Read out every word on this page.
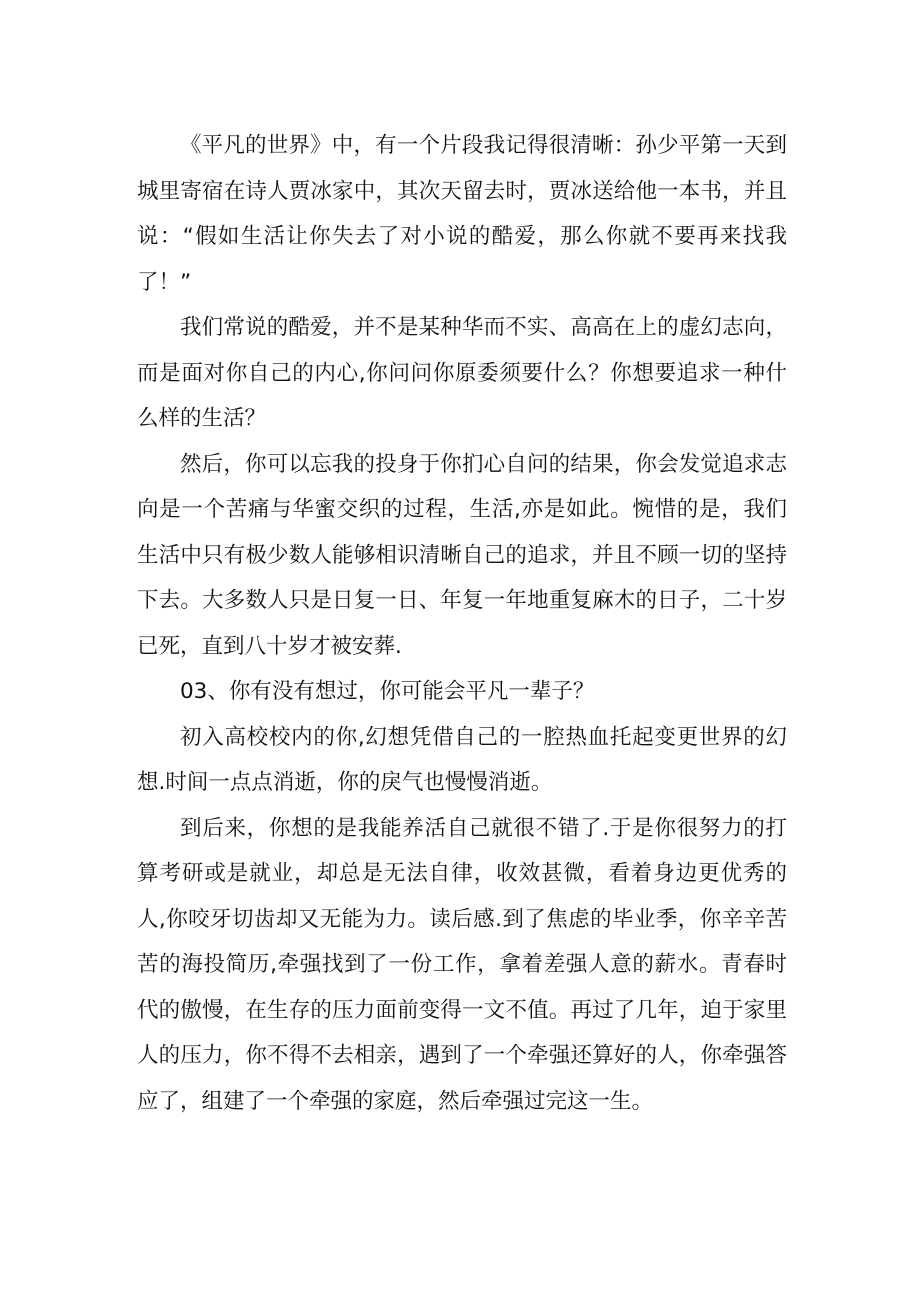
《平凡的世界》中，有一个片段我记得很清晰：孙少平第一天到城里寄宿在诗人贾冰家中，其次天留去时，贾冰送给他一本书，并且说：“假如生活让你失去了对小说的酷爱，那么你就不要再来找我了！”

我们常说的酷爱，并不是某种华而不实、高高在上的虚幻志向，而是面对你自己的内心,你问问你原委须要什么？你想要追求一种什么样的生活？

然后，你可以忘我的投身于你扪心自问的结果，你会发觉追求志向是一个苦痛与华蜜交织的过程，生活,亦是如此。惋惜的是，我们生活中只有极少数人能够相识清晰自己的追求，并且不顾一切的坚持下去。大多数人只是日复一日、年复一年地重复麻木的日子，二十岁已死，直到八十岁才被安葬.

03、你有没有想过，你可能会平凡一辈子？

初入高校校内的你,幻想凭借自己的一腔热血托起变更世界的幻想.时间一点点消逝，你的戾气也慢慢消逝。

到后来，你想的是我能养活自己就很不错了.于是你很努力的打算考研或是就业，却总是无法自律，收效甚微，看着身边更优秀的人,你咬牙切齿却又无能为力。读后感.到了焦虑的毕业季，你辛辛苦苦的海投简历,牵强找到了一份工作，拿着差强人意的薪水。青春时代的傲慢，在生存的压力面前变得一文不值。再过了几年，迫于家里人的压力，你不得不去相亲，遇到了一个牵强还算好的人，你牵强答应了，组建了一个牵强的家庭，然后牵强过完这一生。
